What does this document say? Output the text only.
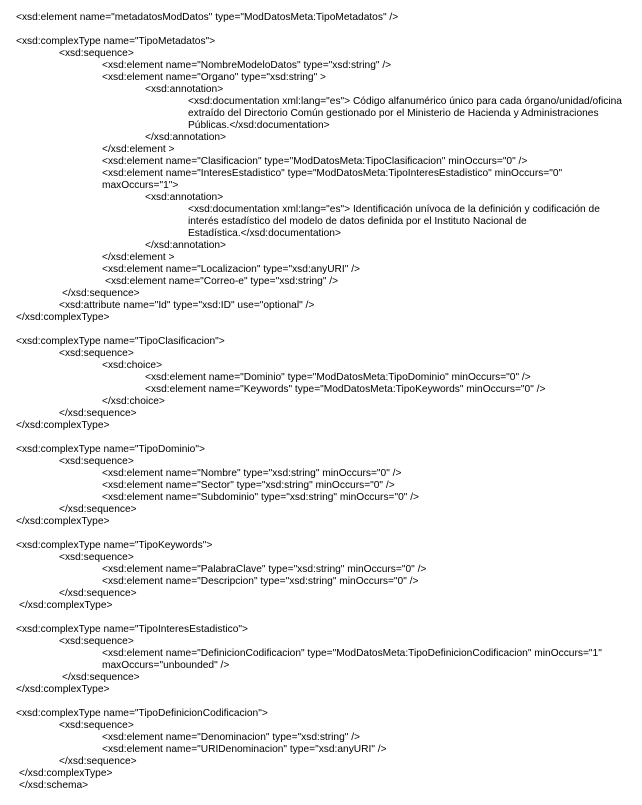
<xsd:element name="metadatosModDatos" type="ModDatosMeta:TipoMetadatos" />
<xsd:complexType name="TipoMetadatos">
<xsd:sequence>
<xsd:element name="NombreModeloDatos" type="xsd:string" />
<xsd:element name="Organo" type="xsd:string" >
<xsd:annotation>
<xsd:documentation xml:lang="es"> Código alfanumérico único para cada órgano/unidad/oficina
extraído del Directorio Común gestionado por el Ministerio de Hacienda y Administraciones
Públicas.</xsd:documentation>
</xsd:annotation>
</xsd:element >
<xsd:element name="Clasificacion" type="ModDatosMeta:TipoClasificacion" minOccurs="0" />
<xsd:element name="InteresEstadistico" type="ModDatosMeta:TipoInteresEstadistico" minOccurs="0"
maxOccurs="1">
<xsd:annotation>
<xsd:documentation xml:lang="es"> Identificación unívoca de la definición y codificación de
interés estadístico del modelo de datos definida por el Instituto Nacional de
Estadística.</xsd:documentation>
</xsd:annotation>
</xsd:element >
<xsd:element name="Localizacion" type="xsd:anyURI" />
<xsd:element name="Correo-e" type="xsd:string" />
</xsd:sequence>
<xsd:attribute name="Id" type="xsd:ID" use="optional" />
</xsd:complexType>
<xsd:complexType name="TipoClasificacion">
<xsd:sequence>
<xsd:choice>
<xsd:element name="Dominio" type="ModDatosMeta:TipoDominio" minOccurs="0" />
<xsd:element name="Keywords" type="ModDatosMeta:TipoKeywords" minOccurs="0" />
</xsd:choice>
</xsd:sequence>
</xsd:complexType>
<xsd:complexType name="TipoDominio">
<xsd:sequence>
<xsd:element name="Nombre" type="xsd:string" minOccurs="0" />
<xsd:element name="Sector" type="xsd:string" minOccurs="0" />
<xsd:element name="Subdominio" type="xsd:string" minOccurs="0" />
</xsd:sequence>
</xsd:complexType>
<xsd:complexType name="TipoKeywords">
<xsd:sequence>
<xsd:element name="PalabraClave" type="xsd:string" minOccurs="0" />
<xsd:element name="Descripcion" type="xsd:string" minOccurs="0" />
</xsd:sequence>
</xsd:complexType>
<xsd:complexType name="TipoInteresEstadistico">
<xsd:sequence>
<xsd:element name="DefinicionCodificacion" type="ModDatosMeta:TipoDefinicionCodificacion" minOccurs="1"
maxOccurs="unbounded" />
</xsd:sequence>
</xsd:complexType>
<xsd:complexType name="TipoDefinicionCodificacion">
<xsd:sequence>
<xsd:element name="Denominacion" type="xsd:string" />
<xsd:element name="URIDenominacion" type="xsd:anyURI" />
</xsd:sequence>
</xsd:complexType>
</xsd:schema>
